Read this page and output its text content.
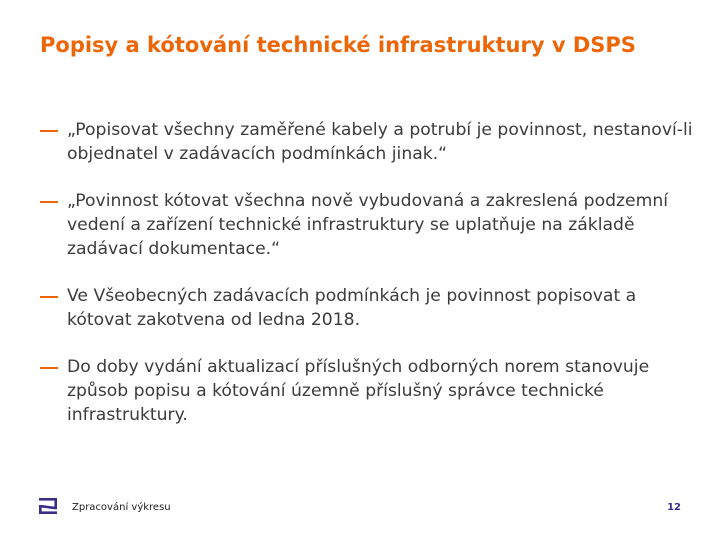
Popisy a kótování technické infrastruktury v DSPS
„Popisovat všechny zaměřené kabely a potrubí je povinnost, nestanoví-li objednatel v zadávacích podmínkách jinak.“
„Povinnost kótovat všechna nově vybudovaná a zakreslená podzemní vedení a zařízení technické infrastruktury se uplatňuje na základě zadávací dokumentace.“
Ve Všeobecných zadávacích podmínkách je povinnost popisovat a kótovat zakotvena od ledna 2018.
Do doby vydání aktualizací příslušných odborných norem stanovuje způsob popisu a kótování územně příslušný správce technické infrastruktury.
Zpracování výkresu	12
